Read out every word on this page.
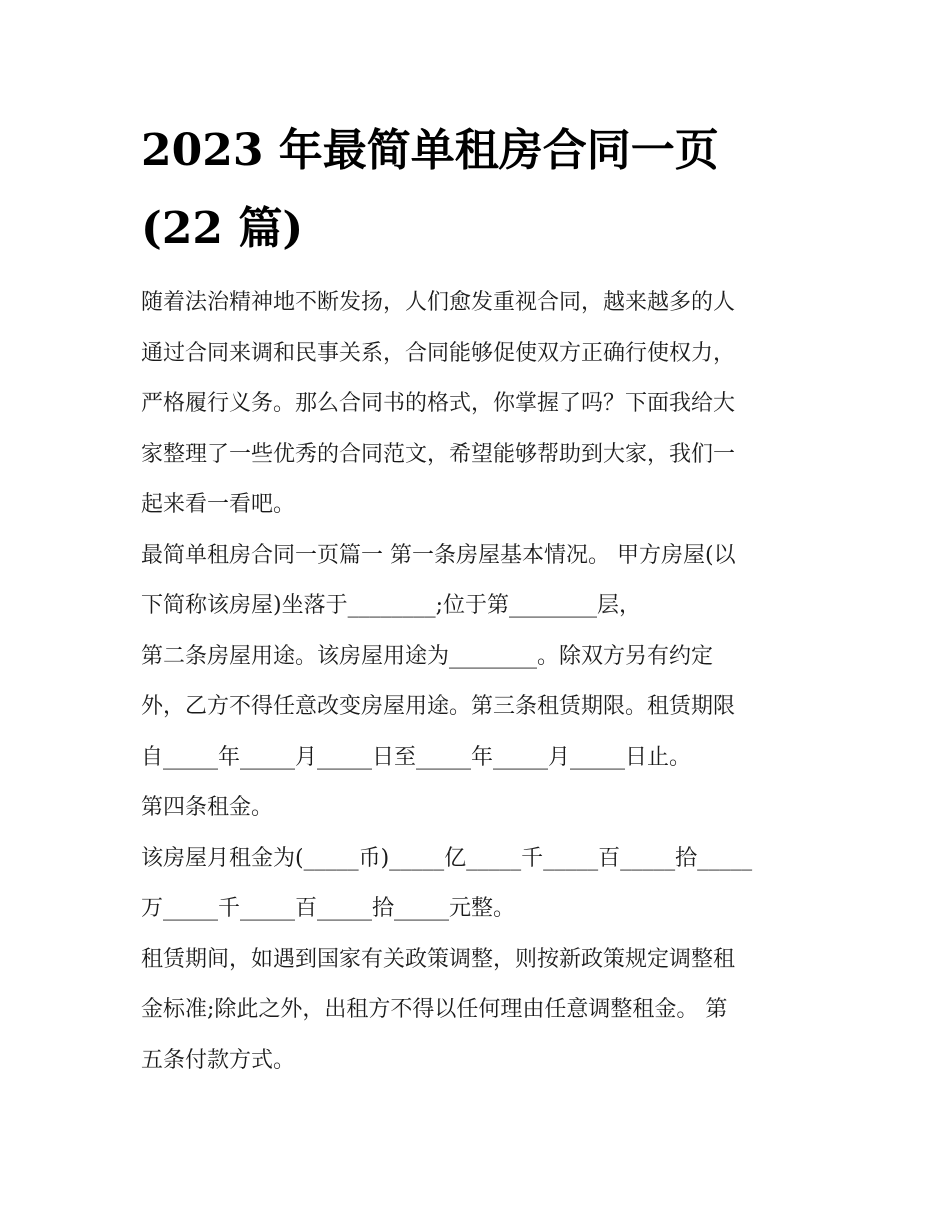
2023 年最简单租房合同一页
(22 篇)

随着法治精神地不断发扬，人们愈发重视合同，越来越多的人
通过合同来调和民事关系，合同能够促使双方正确行使权力，
严格履行义务。那么合同书的格式，你掌握了吗？下面我给大
家整理了一些优秀的合同范文，希望能够帮助到大家，我们一
起来看一看吧。

最简单租房合同一页篇一 第一条房屋基本情况。 甲方房屋(以
下简称该房屋)坐落于________;位于第________层，

第二条房屋用途。该房屋用途为________。除双方另有约定
外，乙方不得任意改变房屋用途。第三条租赁期限。租赁期限
自_____年_____月_____日至_____年_____月_____日止。

第四条租金。

该房屋月租金为(_____币)_____亿_____千_____百_____拾_____
万_____千_____百_____拾_____元整。

租赁期间，如遇到国家有关政策调整，则按新政策规定调整租
金标准;除此之外，出租方不得以任何理由任意调整租金。 第
五条付款方式。
